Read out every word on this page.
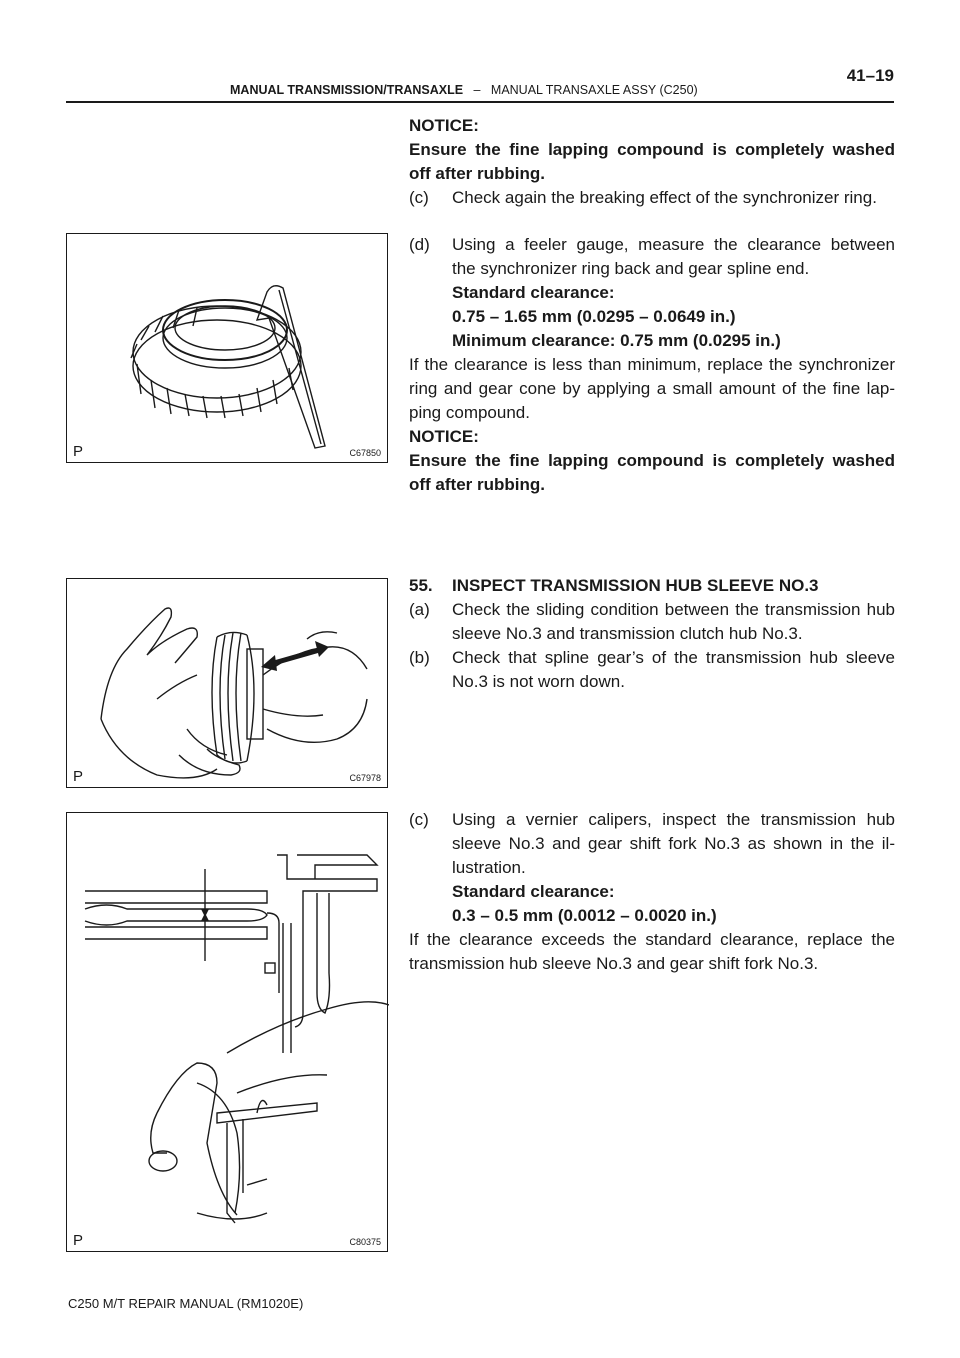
MANUAL TRANSMISSION/TRANSAXLE – MANUAL TRANSAXLE ASSY (C250)
41–19
P	C67850
P	C67978
P	C80375
NOTICE:
Ensure the fine lapping compound is completely washed
off after rubbing.
(c)	Check again the breaking effect of the synchronizer ring.
(d)	Using a feeler gauge, measure the clearance between
the synchronizer ring back and gear spline end.
Standard clearance:
0.75 – 1.65 mm (0.0295 – 0.0649 in.)
Minimum clearance: 0.75 mm (0.0295 in.)
If the clearance is less than minimum, replace the synchronizer
ring and gear cone by applying a small amount of the fine lap-
ping compound.
NOTICE:
Ensure the fine lapping compound is completely washed
off after rubbing.
55.	INSPECT TRANSMISSION HUB SLEEVE NO.3
(a)	Check the sliding condition between the transmission hub
sleeve No.3 and transmission clutch hub No.3.
(b)	Check that spline gear’s of the transmission hub sleeve
No.3 is not worn down.
(c)	Using a vernier calipers, inspect the transmission hub
sleeve No.3 and gear shift fork No.3 as shown in the il-
lustration.
Standard clearance:
0.3 – 0.5 mm (0.0012 – 0.0020 in.)
If the clearance exceeds the standard clearance, replace the
transmission hub sleeve No.3 and gear shift fork No.3.
C250 M/T REPAIR MANUAL (RM1020E)
